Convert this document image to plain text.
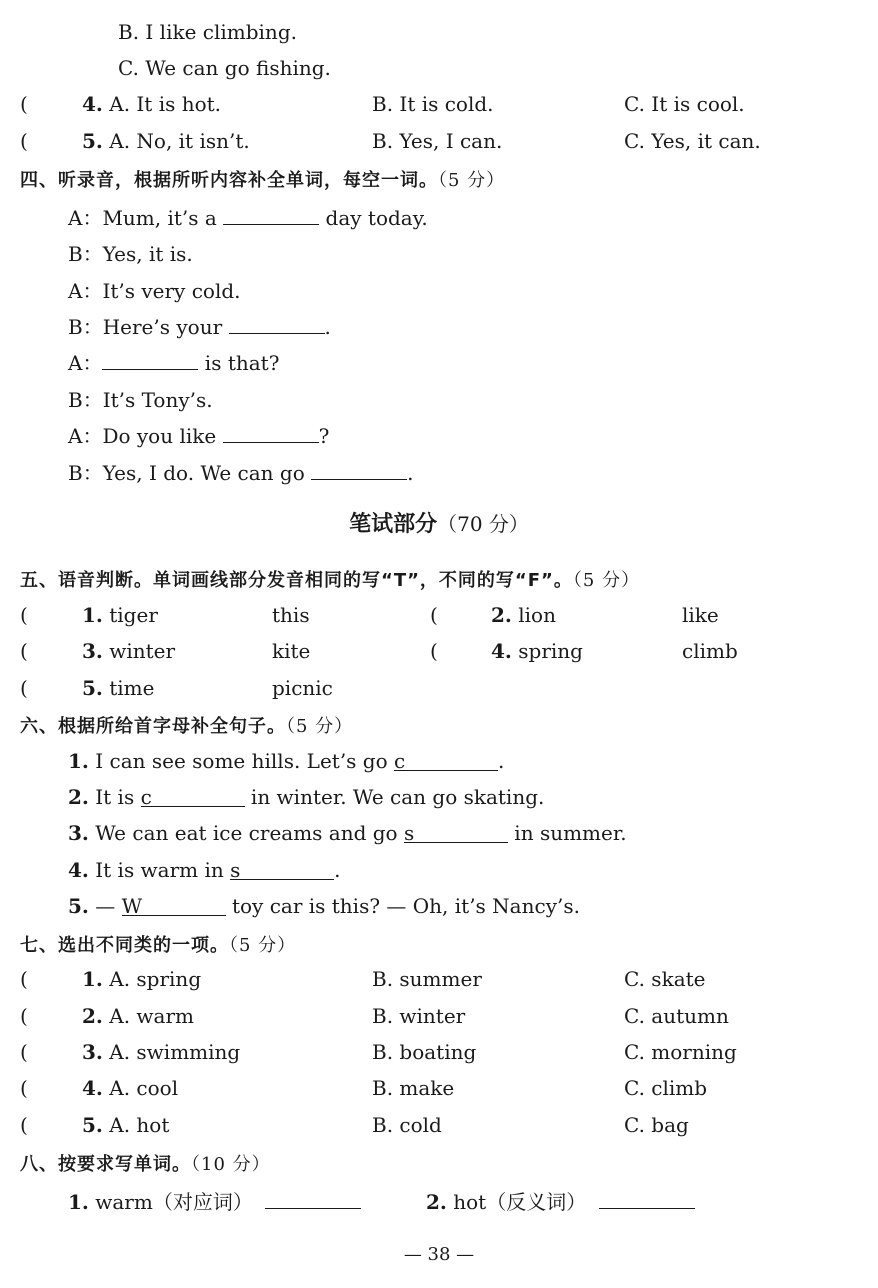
B. I like climbing.
C. We can go fishing.
(	4. A. It is hot.	B. It is cold.	C. It is cool.
(	5. A. No, it isn’t.	B. Yes, I can.	C. Yes, it can.
四、听录音，根据所听内容补全单词，每空一词。（5 分）
A：Mum, it’s a	day today.
B：Yes, it is.
A：It’s very cold.
B：Here’s your	.
A：	is that?
B：It’s Tony’s.
A：Do you like	?
B：Yes, I do. We can go	.
笔试部分（70 分）
五、语音判断。单词画线部分发音相同的写“T”，不同的写“F”。（5 分）
(	1. tiger	this	(	2. lion	like
(	3. winter	kite	(	4. spring	climb
(	5. time	picnic
六、根据所给首字母补全句子。（5 分）
1. I can see some hills. Let’s go c	.
2. It is c	in winter. We can go skating.
3. We can eat ice creams and go s	in summer.
4. It is warm in s	.
5. — W	toy car is this? — Oh, it’s Nancy’s.
七、选出不同类的一项。（5 分）
(	1. A. spring	B. summer	C. skate
(	2. A. warm	B. winter	C. autumn
(	3. A. swimming	B. boating	C. morning
(	4. A. cool	B. make	C. climb
(	5. A. hot	B. cold	C. bag
八、按要求写单词。（10 分）
1. warm（对应词）	2. hot（反义词）
— 38 —
